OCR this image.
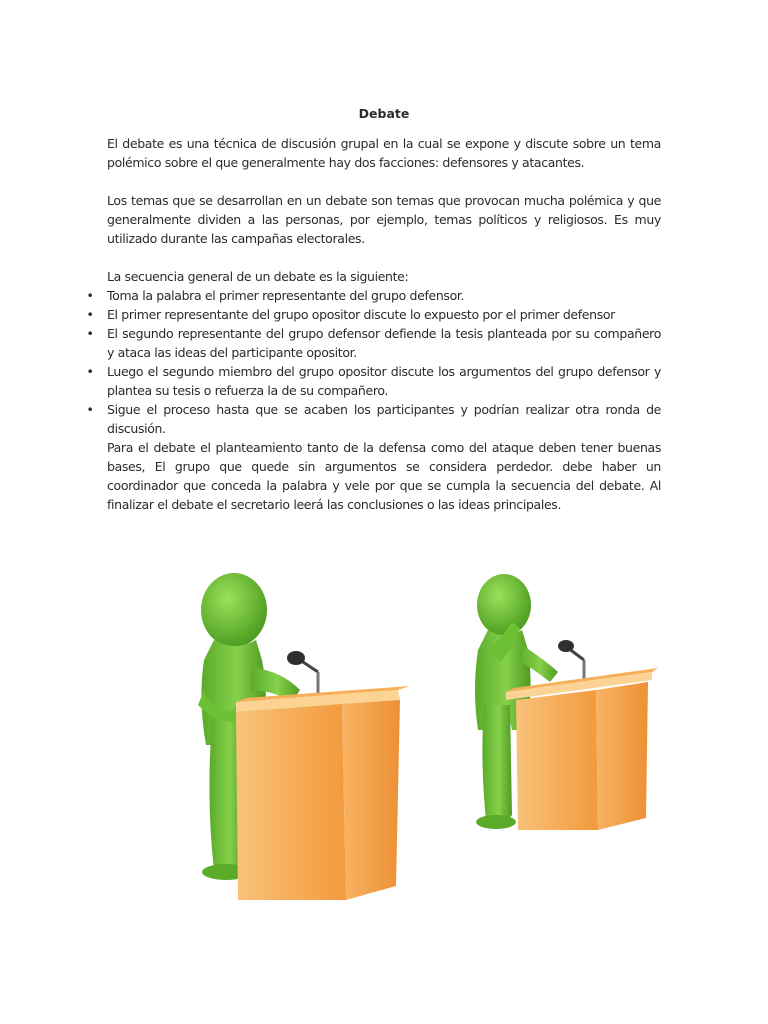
Debate

El debate es una técnica de discusión grupal en la cual se expone y discute sobre un tema polémico sobre el que generalmente hay dos facciones: defensores y atacantes.

Los temas que se desarrollan en un debate son temas que provocan mucha polémica y que generalmente dividen a las personas, por ejemplo, temas políticos y religiosos. Es muy utilizado durante las campañas electorales.

La secuencia general de un debate es la siguiente:

• Toma la palabra el primer representante del grupo defensor.
• El primer representante del grupo opositor discute lo expuesto por el primer defensor
• El segundo representante del grupo defensor defiende la tesis planteada por su compañero y ataca las ideas del participante opositor.
• Luego el segundo miembro del grupo opositor discute los argumentos del grupo defensor y plantea su tesis o refuerza la de su compañero.
• Sigue el proceso hasta que se acaben los participantes y podrían realizar otra ronda de discusión.

Para el debate el planteamiento tanto de la defensa como del ataque deben tener buenas bases, El grupo que quede sin argumentos se considera perdedor. debe haber un coordinador que conceda la palabra y vele por que se cumpla la secuencia del debate. Al finalizar el debate el secretario leerá las conclusiones o las ideas principales.
